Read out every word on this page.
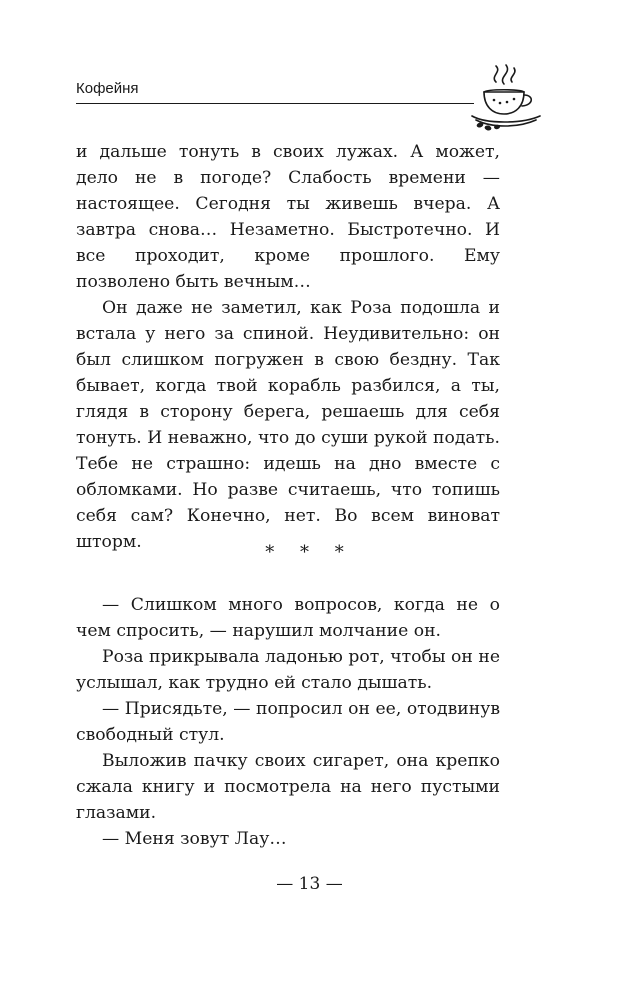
Кофейня

и дальше тонуть в своих лужах. А может, дело не в погоде? Слабость времени — настоящее. Сегодня ты живешь вчера. А завтра снова… Незаметно. Быстротечно. И все проходит, кроме прошлого. Ему позволено быть вечным…

Он даже не заметил, как Роза подошла и встала у него за спиной. Неудивительно: он был слишком погружен в свою бездну. Так бывает, когда твой корабль разбился, а ты, глядя в сторону берега, решаешь для себя тонуть. И неважно, что до суши рукой подать. Тебе не страшно: идешь на дно вместе с обломками. Но разве считаешь, что топишь себя сам? Конечно, нет. Во всем виноват шторм.	* * *

— Слишком много вопросов, когда не о чем спросить, — нарушил молчание он.

Роза прикрывала ладонью рот, чтобы он не услышал, как трудно ей стало дышать.

— Присядьте, — попросил он ее, отодвинув свободный стул.

Выложив пачку своих сигарет, она крепко сжала книгу и посмотрела на него пустыми глазами.

— Меня зовут Лау…

— 13 —
